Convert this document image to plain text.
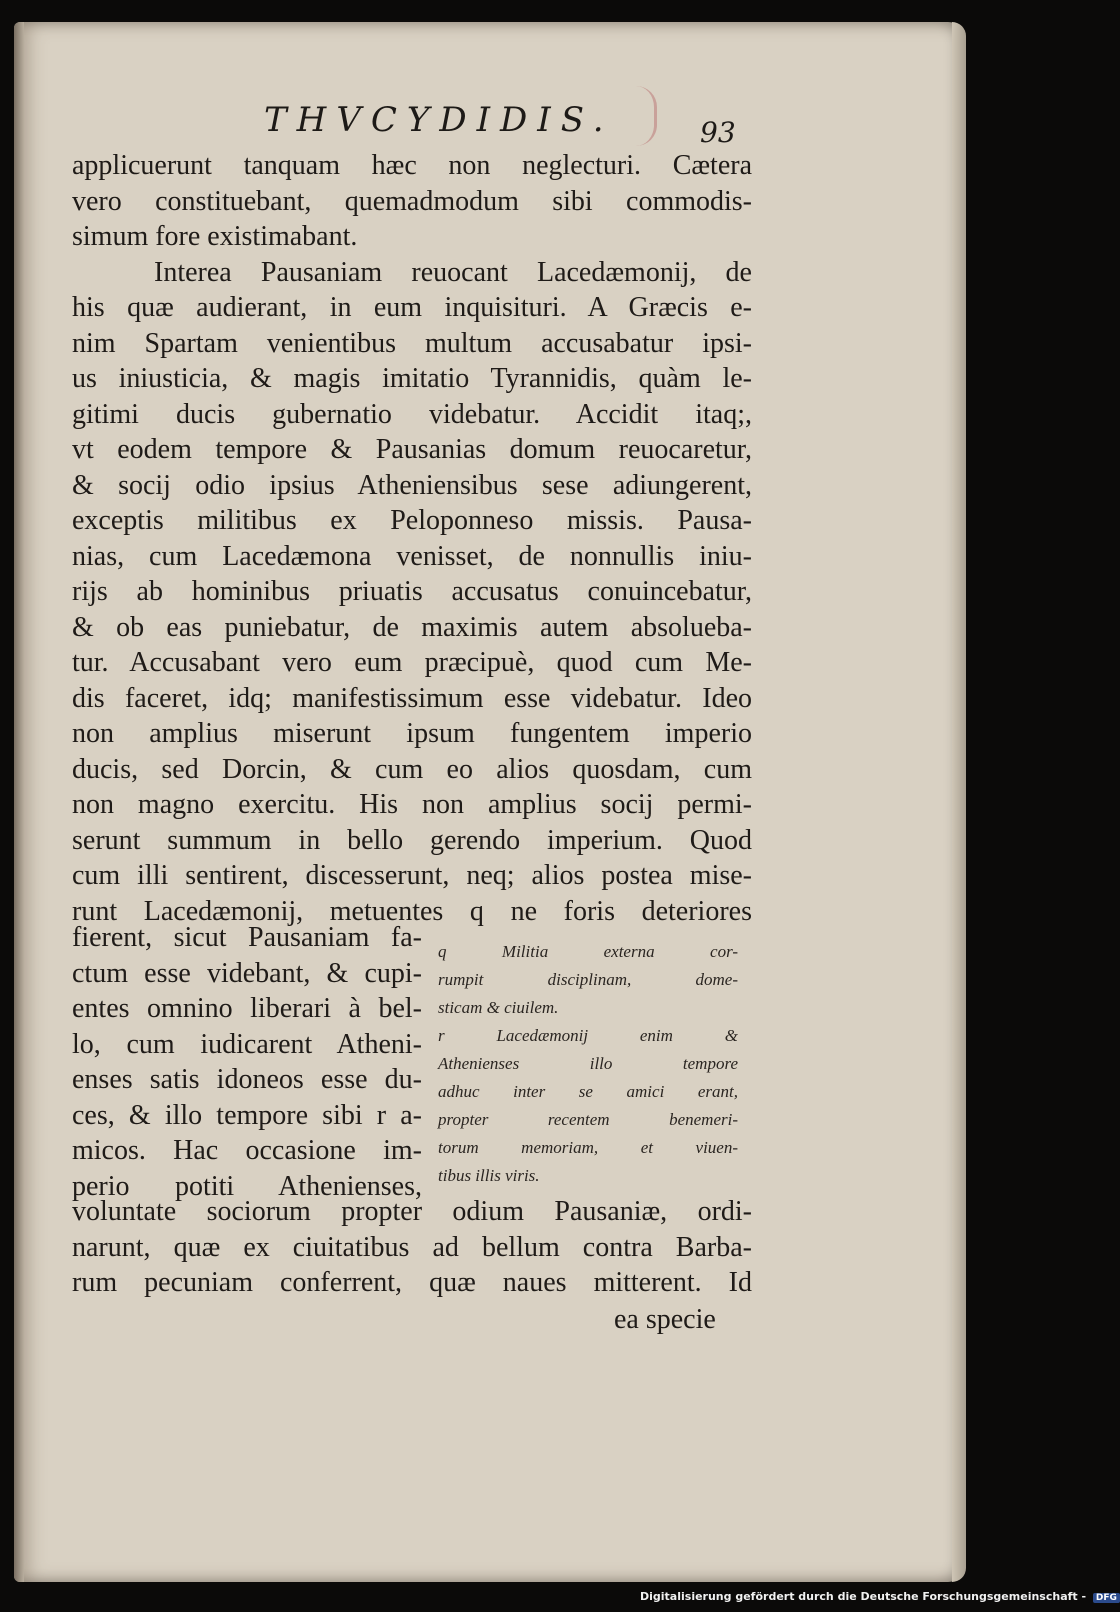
THVCYDIDIS.	93
applicuerunt tanquam hæc non neglecturi. Cætera
vero constituebant, quemadmodum sibi commodis-
simum fore existimabant.
Interea Pausaniam reuocant Lacedæmonij, de
his quæ audierant, in eum inquisituri. A Græcis e-
nim Spartam venientibus multum accusabatur ipsi-
us iniusticia, & magis imitatio Tyrannidis, quàm le-
gitimi ducis gubernatio videbatur. Accidit itaq;,
vt eodem tempore & Pausanias domum reuocaretur,
& socij odio ipsius Atheniensibus sese adiungerent,
exceptis militibus ex Peloponneso missis. Pausa-
nias, cum Lacedæmona venisset, de nonnullis iniu-
rijs ab hominibus priuatis accusatus conuincebatur,
& ob eas puniebatur, de maximis autem absolueba-
tur. Accusabant vero eum præcipuè, quod cum Me-
dis faceret, idq; manifestissimum esse videbatur. Ideo
non amplius miserunt ipsum fungentem imperio
ducis, sed Dorcin, & cum eo alios quosdam, cum
non magno exercitu. His non amplius socij permi-
serunt summum in bello gerendo imperium. Quod
cum illi sentirent, discesserunt, neq; alios postea mise-
runt Lacedæmonij, metuentes q ne foris deteriores
fierent, sicut Pausaniam fa-
ctum esse videbant, & cupi-
entes omnino liberari à bel-
lo, cum iudicarent Atheni-
enses satis idoneos esse du-
ces, & illo tempore sibi r a-
micos. Hac occasione im-
perio potiti Athenienses,
q Militia externa cor-
rumpit disciplinam, dome-
sticam & ciuilem.
r Lacedæmonij enim &
Athenienses illo tempore
adhuc inter se amici erant,
propter recentem benemeri-
torum memoriam, et viuen-
tibus illis viris.
voluntate sociorum propter odium Pausaniæ, ordi-
narunt, quæ ex ciuitatibus ad bellum contra Barba-
rum pecuniam conferrent, quæ naues mitterent. Id
ea specie
Digitalisierung gefördert durch die Deutsche Forschungsgemeinschaft - DFG
